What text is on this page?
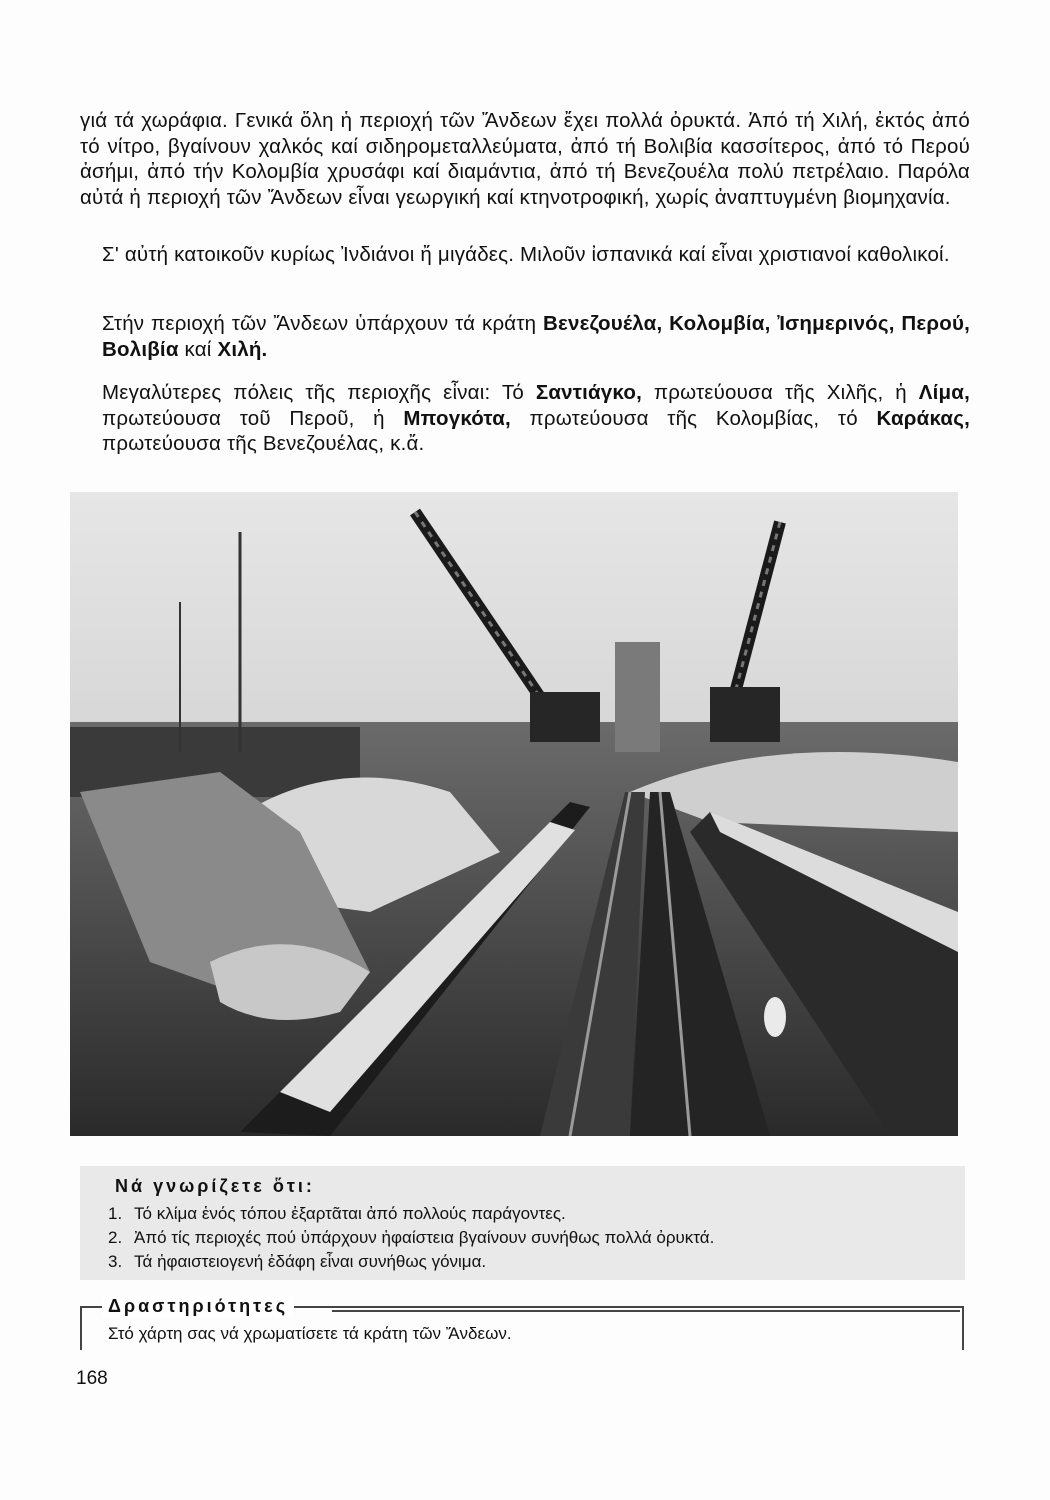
γιά τά χωράφια. Γενικά ὅλη ἡ περιοχή τῶν Ἄνδεων ἔχει πολλά ὀρυκτά. Ἀπό τή Χιλή, ἐκτός ἀπό τό νίτρο, βγαίνουν χαλκός καί σιδηρομεταλλεύματα, ἀπό τή Βολιβία κασσίτερος, ἀπό τό Περού ἀσήμι, ἀπό τήν Κολομβία χρυσάφι καί διαμάντια, ἀπό τή Βενεζουέλα πολύ πετρέλαιο. Παρόλα αὐτά ἡ περιοχή τῶν Ἄνδεων εἶναι γεωργική καί κτηνοτροφική, χωρίς ἀναπτυγμένη βιομηχανία.

Σ' αὐτή κατοικοῦν κυρίως Ἰνδιάνοι ἤ μιγάδες. Μιλοῦν ἰσπανικά καί εἶναι χριστιανοί καθολικοί.

Στήν περιοχή τῶν Ἄνδεων ὑπάρχουν τά κράτη Βενεζουέλα, Κολομβία, Ἰσημερινός, Περού, Βολιβία καί Χιλή.

Μεγαλύτερες πόλεις τῆς περιοχῆς εἶναι: Τό Σαντιάγκο, πρωτεύουσα τῆς Χιλῆς, ἡ Λίμα, πρωτεύουσα τοῦ Περοῦ, ἡ Μπογκότα, πρωτεύουσα τῆς Κολομβίας, τό Καράκας, πρωτεύουσα τῆς Βενεζουέλας, κ.ἄ.

Νά γνωρίζετε ὅτι:
1. Τό κλίμα ἑνός τόπου ἐξαρτᾶται ἀπό πολλούς παράγοντες.
2. Ἀπό τίς περιοχές πού ὑπάρχουν ἡφαίστεια βγαίνουν συνήθως πολλά ὀρυκτά.
3. Τά ἡφαιστειογενή ἐδάφη εἶναι συνήθως γόνιμα.
Δραστηριότητες
Στό χάρτη σας νά χρωματίσετε τά κράτη τῶν Ἄνδεων.
168
